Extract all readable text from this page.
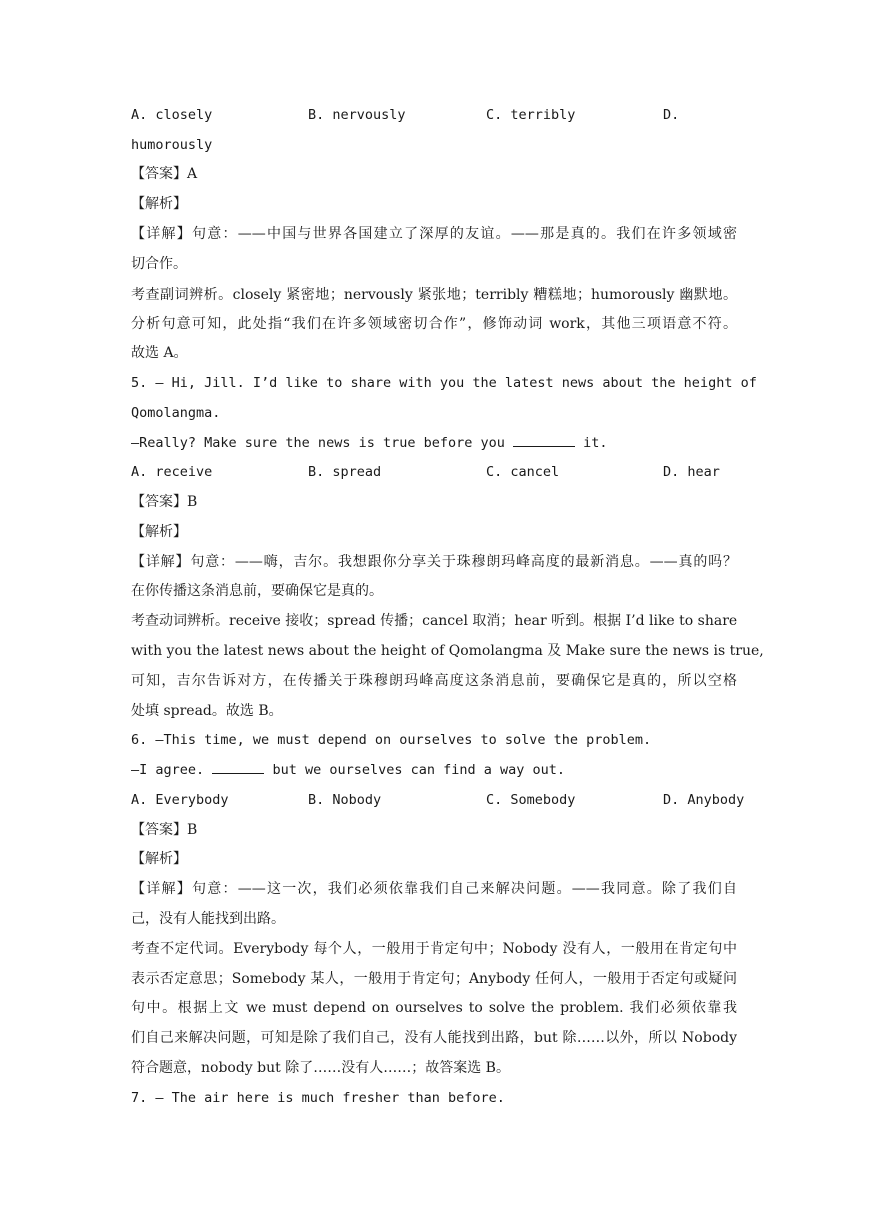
A. closely	B. nervously	C. terribly	D.
humorously
【答案】A
【解析】
【详解】句意：——中国与世界各国建立了深厚的友谊。——那是真的。我们在许多领域密
切合作。
考查副词辨析。closely 紧密地；nervously 紧张地；terribly 糟糕地；humorously 幽默地。
分析句意可知，此处指“我们在许多领域密切合作”，修饰动词 work，其他三项语意不符。
故选 A。
5. — Hi, Jill. I’d like to share with you the latest news about the height of
Qomolangma.
—Really? Make sure the news is true before you	it.
A. receive	B. spread	C. cancel	D. hear
【答案】B
【解析】
【详解】句意：——嗨，吉尔。我想跟你分享关于珠穆朗玛峰高度的最新消息。——真的吗？
在你传播这条消息前，要确保它是真的。
考查动词辨析。receive 接收；spread 传播；cancel 取消；hear 听到。根据 I’d like to share
with you the latest news about the height of Qomolangma 及 Make sure the news is true,
可知，吉尔告诉对方，在传播关于珠穆朗玛峰高度这条消息前，要确保它是真的，所以空格
处填 spread。故选 B。
6. —This time, we must depend on ourselves to solve the problem.
—I agree.	but we ourselves can find a way out.
A. Everybody	B. Nobody	C. Somebody	D. Anybody
【答案】B
【解析】
【详解】句意：——这一次，我们必须依靠我们自己来解决问题。——我同意。除了我们自
己，没有人能找到出路。
考查不定代词。Everybody 每个人，一般用于肯定句中；Nobody 没有人，一般用在肯定句中
表示否定意思；Somebody 某人，一般用于肯定句；Anybody 任何人，一般用于否定句或疑问
句中。根据上文 we must depend on ourselves to solve the problem. 我们必须依靠我
们自己来解决问题，可知是除了我们自己，没有人能找到出路，but 除……以外，所以 Nobody
符合题意，nobody but 除了……没有人……；故答案选 B。
7. — The air here is much fresher than before.
